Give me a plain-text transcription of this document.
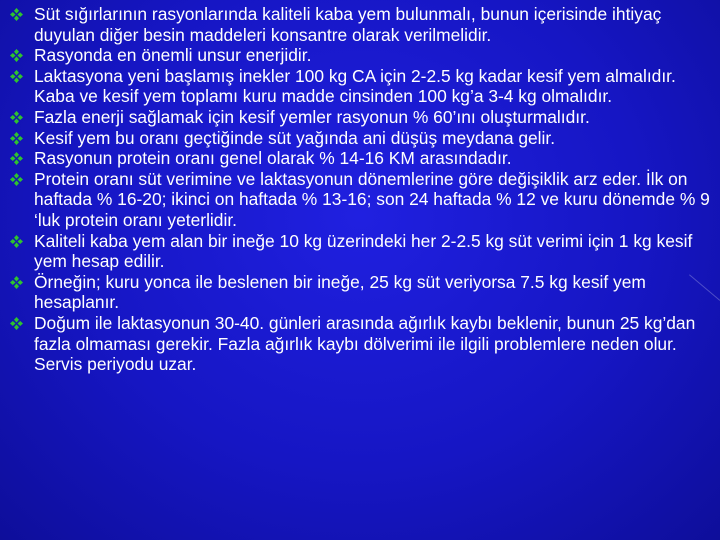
Süt sığırlarının rasyonlarında kaliteli kaba yem bulunmalı, bunun içerisinde ihtiyaç duyulan diğer besin maddeleri konsantre olarak verilmelidir.
Rasyonda en önemli unsur enerjidir.
Laktasyona yeni başlamış inekler 100 kg CA için 2-2.5 kg kadar kesif yem almalıdır. Kaba ve kesif yem toplamı kuru madde cinsinden 100 kg’a 3-4 kg olmalıdır.
Fazla enerji sağlamak için kesif yemler rasyonun % 60’ını oluşturmalıdır.
Kesif yem bu oranı geçtiğinde süt yağında ani düşüş meydana gelir.
Rasyonun protein oranı genel olarak % 14-16 KM arasındadır.
Protein oranı süt verimine ve laktasyonun dönemlerine göre değişiklik arz eder. İlk on haftada % 16-20; ikinci on haftada % 13-16; son 24 haftada % 12 ve kuru dönemde % 9 ‘luk protein oranı yeterlidir.
Kaliteli kaba yem alan bir ineğe 10 kg üzerindeki her 2-2.5 kg süt verimi için 1 kg kesif yem hesap edilir.
Örneğin; kuru yonca ile beslenen bir ineğe, 25 kg süt veriyorsa 7.5 kg kesif yem hesaplanır.
Doğum ile laktasyonun 30-40. günleri arasında ağırlık kaybı beklenir, bunun 25 kg’dan fazla olmaması gerekir. Fazla ağırlık kaybı dölverimi ile ilgili problemlere neden olur. Servis periyodu uzar.
